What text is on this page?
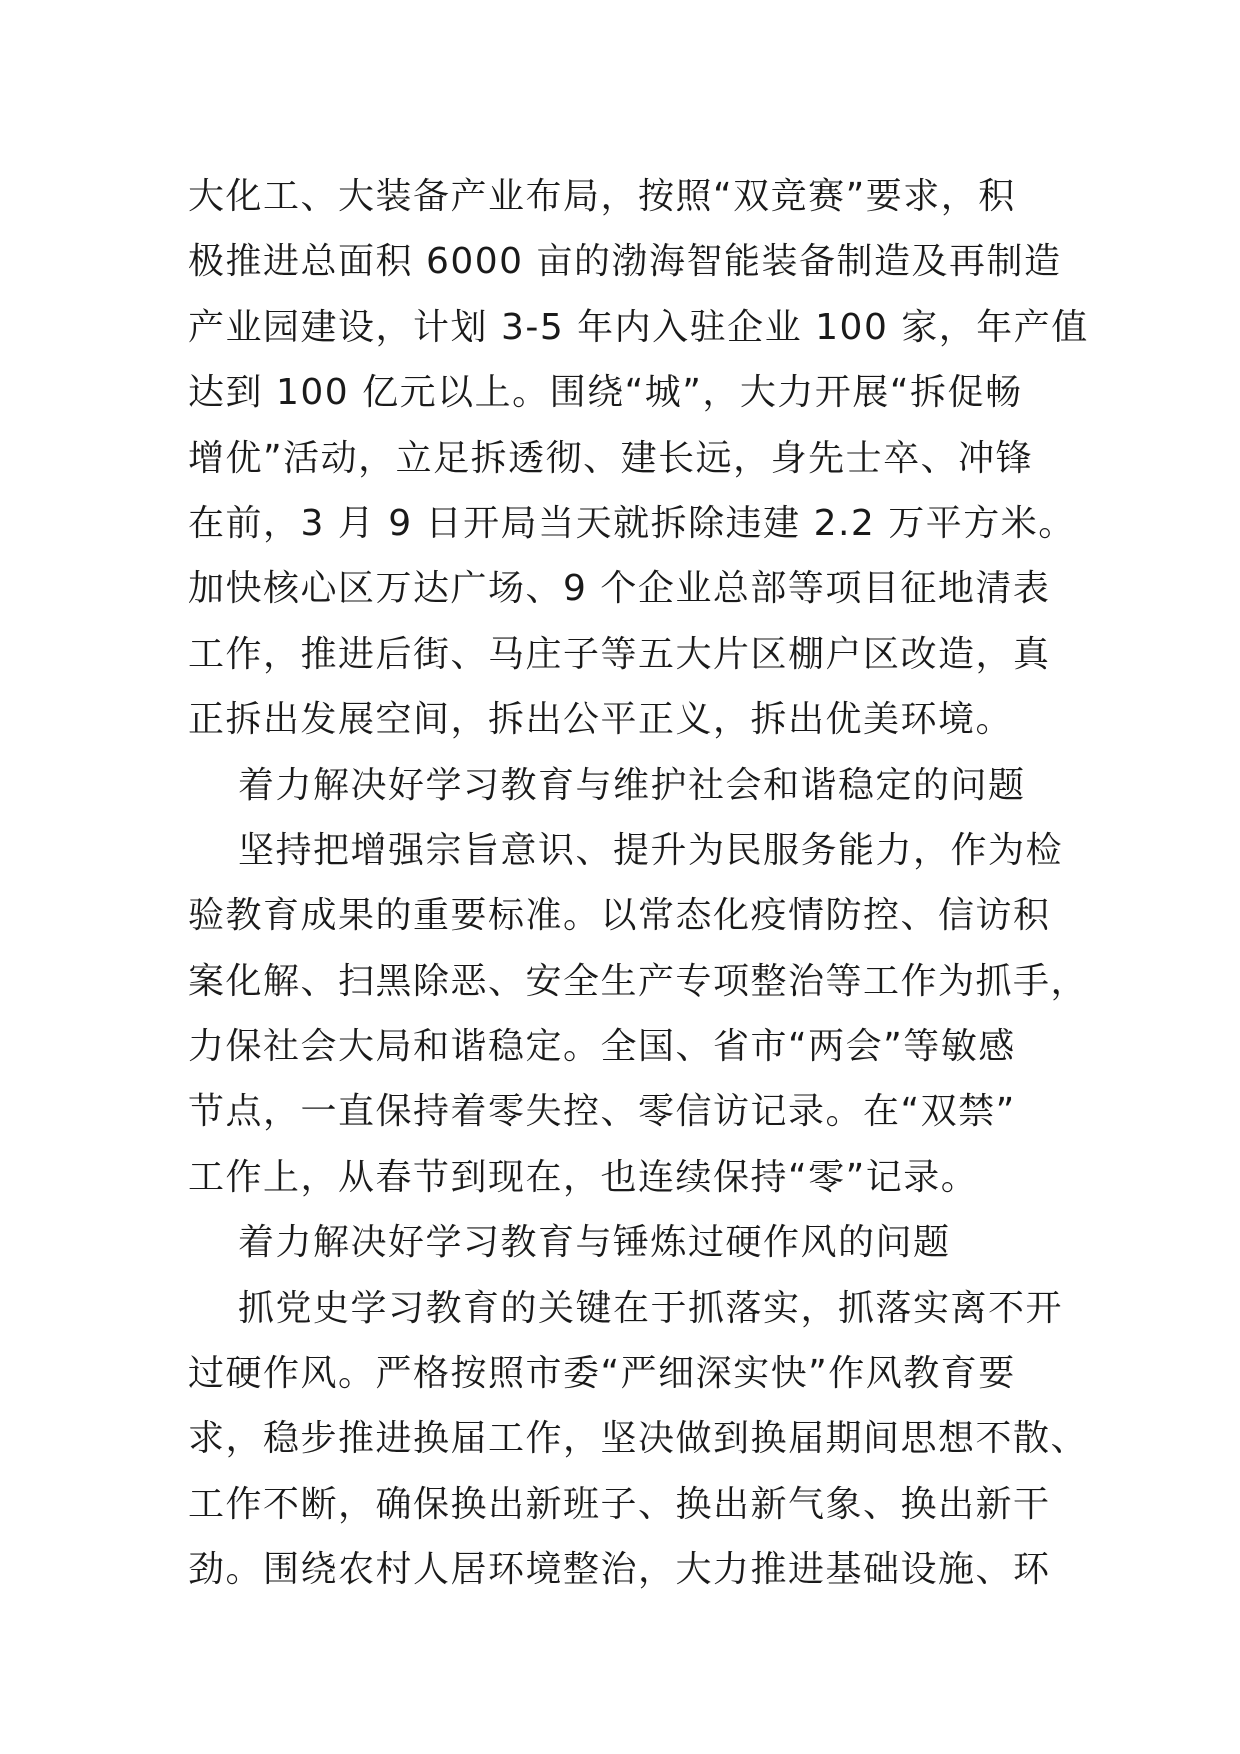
大化工、大装备产业布局，按照“双竞赛”要求，积
极推进总面积 6000 亩的渤海智能装备制造及再制造
产业园建设，计划 3-5 年内入驻企业 100 家，年产值
达到 100 亿元以上。围绕“城”，大力开展“拆促畅
增优”活动，立足拆透彻、建长远，身先士卒、冲锋
在前，3 月 9 日开局当天就拆除违建 2.2 万平方米。
加快核心区万达广场、9 个企业总部等项目征地清表
工作，推进后街、马庄子等五大片区棚户区改造，真
正拆出发展空间，拆出公平正义，拆出优美环境。
着力解决好学习教育与维护社会和谐稳定的问题
坚持把增强宗旨意识、提升为民服务能力，作为检
验教育成果的重要标准。以常态化疫情防控、信访积
案化解、扫黑除恶、安全生产专项整治等工作为抓手，
力保社会大局和谐稳定。全国、省市“两会”等敏感
节点，一直保持着零失控、零信访记录。在“双禁”
工作上，从春节到现在，也连续保持“零”记录。
着力解决好学习教育与锤炼过硬作风的问题
抓党史学习教育的关键在于抓落实，抓落实离不开
过硬作风。严格按照市委“严细深实快”作风教育要
求，稳步推进换届工作，坚决做到换届期间思想不散、
工作不断，确保换出新班子、换出新气象、换出新干
劲。围绕农村人居环境整治，大力推进基础设施、环
